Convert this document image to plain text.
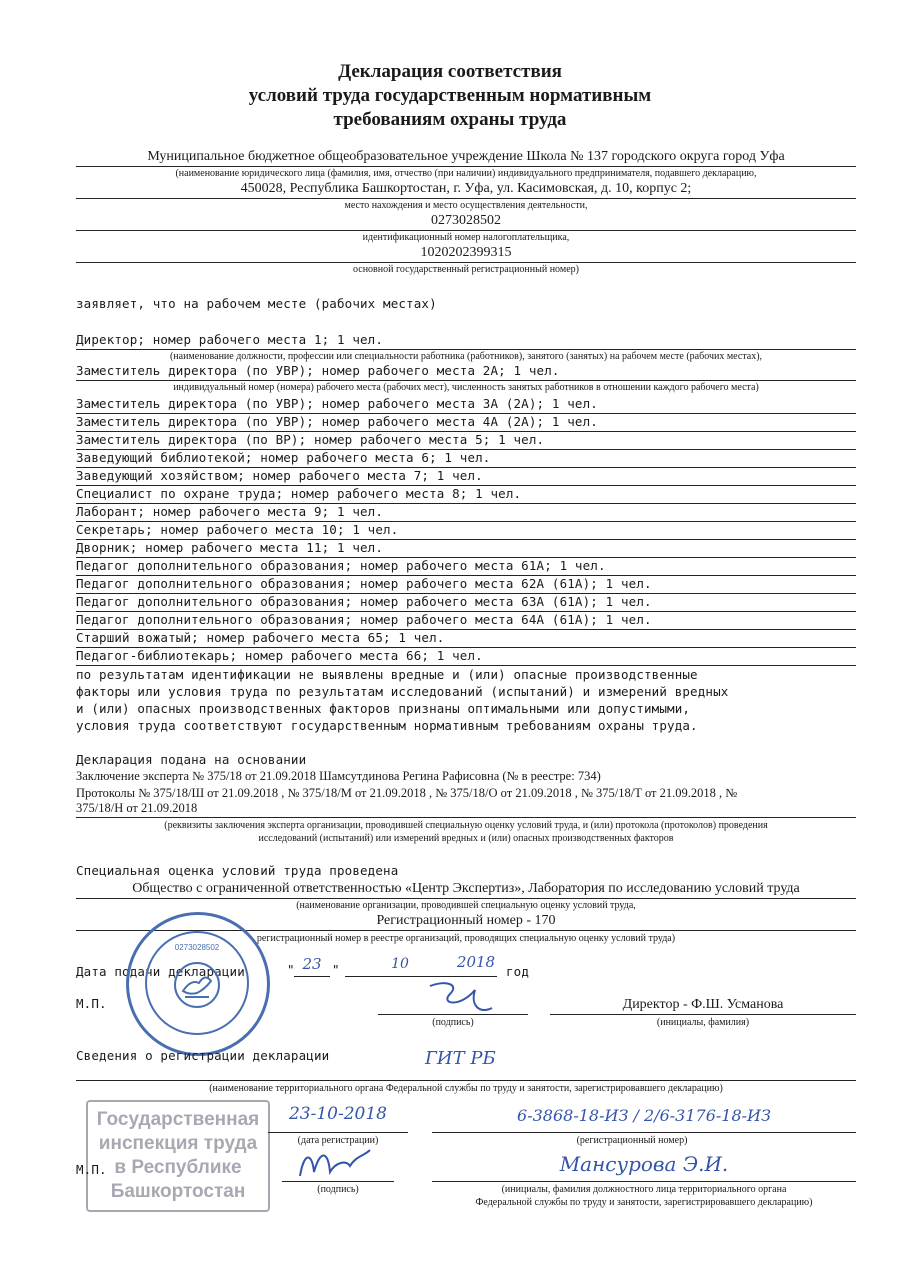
Декларация соответствия
условий труда государственным нормативным
требованиям охраны труда
Муниципальное бюджетное общеобразовательное учреждение Школа № 137 городского округа город Уфа
(наименование юридического лица (фамилия, имя, отчество (при наличии) индивидуального предпринимателя, подавшего декларацию,
450028, Республика Башкортостан, г. Уфа, ул. Касимовская, д. 10, корпус 2;
место нахождения и место осуществления деятельности,
0273028502
идентификационный номер налогоплательщика,
1020202399315
основной государственный регистрационный номер)
заявляет, что на рабочем месте (рабочих местах)
Директор; номер рабочего места 1; 1 чел.
(наименование должности, профессии или специальности работника (работников), занятого (занятых) на рабочем месте (рабочих местах),
Заместитель директора (по УВР); номер рабочего места 2А; 1 чел.
индивидуальный номер (номера) рабочего места (рабочих мест), численность занятых работников в отношении каждого рабочего места)
Заместитель директора (по УВР); номер рабочего места 3А (2А); 1 чел.
Заместитель директора (по УВР); номер рабочего места 4А (2А); 1 чел.
Заместитель директора (по ВР); номер рабочего места 5; 1 чел.
Заведующий библиотекой; номер рабочего места 6; 1 чел.
Заведующий хозяйством; номер рабочего места 7; 1 чел.
Специалист по охране труда; номер рабочего места 8; 1 чел.
Лаборант; номер рабочего места 9; 1 чел.
Секретарь; номер рабочего места 10; 1 чел.
Дворник; номер рабочего места 11; 1 чел.
Педагог дополнительного образования; номер рабочего места 61А; 1 чел.
Педагог дополнительного образования; номер рабочего места 62А (61А); 1 чел.
Педагог дополнительного образования; номер рабочего места 63А (61А); 1 чел.
Педагог дополнительного образования; номер рабочего места 64А (61А); 1 чел.
Старший вожатый; номер рабочего места 65; 1 чел.
Педагог-библиотекарь; номер рабочего места 66; 1 чел.
по результатам идентификации не выявлены вредные и (или) опасные производственные
факторы или условия труда по результатам исследований (испытаний) и измерений вредных
и (или) опасных производственных факторов признаны оптимальными или допустимыми,
условия труда соответствуют государственным нормативным требованиям охраны труда.
Декларация подана на основании
Заключение эксперта № 375/18 от 21.09.2018 Шамсутдинова Регина Рафисовна (№ в реестре: 734)
Протоколы № 375/18/Ш от 21.09.2018 , № 375/18/М от 21.09.2018 , № 375/18/О от 21.09.2018 , № 375/18/Т от 21.09.2018 , №
375/18/Н от 21.09.2018
(реквизиты заключения эксперта организации, проводившей специальную оценку условий труда, и (или) протокола (протоколов) проведения
исследований (испытаний) или измерений вредных и (или) опасных производственных факторов
Специальная оценка условий труда проведена
Общество с ограниченной ответственностью «Центр Экспертиз», Лаборатория по исследованию условий труда
(наименование организации, проводившей специальную оценку условий труда,
Регистрационный номер - 170
регистрационный номер в реестре организаций, проводящих специальную оценку условий труда)
Дата подачи декларации	" 23 "	10	2018
год
0273028502
М.П.
(подпись)
Директор - Ф.Ш. Усманова
(инициалы, фамилия)
Сведения о регистрации декларации	ГИТ РБ
(наименование территориального органа Федеральной службы по труду и занятости, зарегистрировавшего декларацию)
Государственная
инспекция труда
в Республике
Башкортостан
23-10-2018
(дата регистрации)
6-3868-18-ИЗ / 2/6-3176-18-ИЗ
(регистрационный номер)
М.П.
(подпись)
Мансурова Э.И.
(инициалы, фамилия должностного лица территориального органа
Федеральной службы по труду и занятости, зарегистрировавшего декларацию)
